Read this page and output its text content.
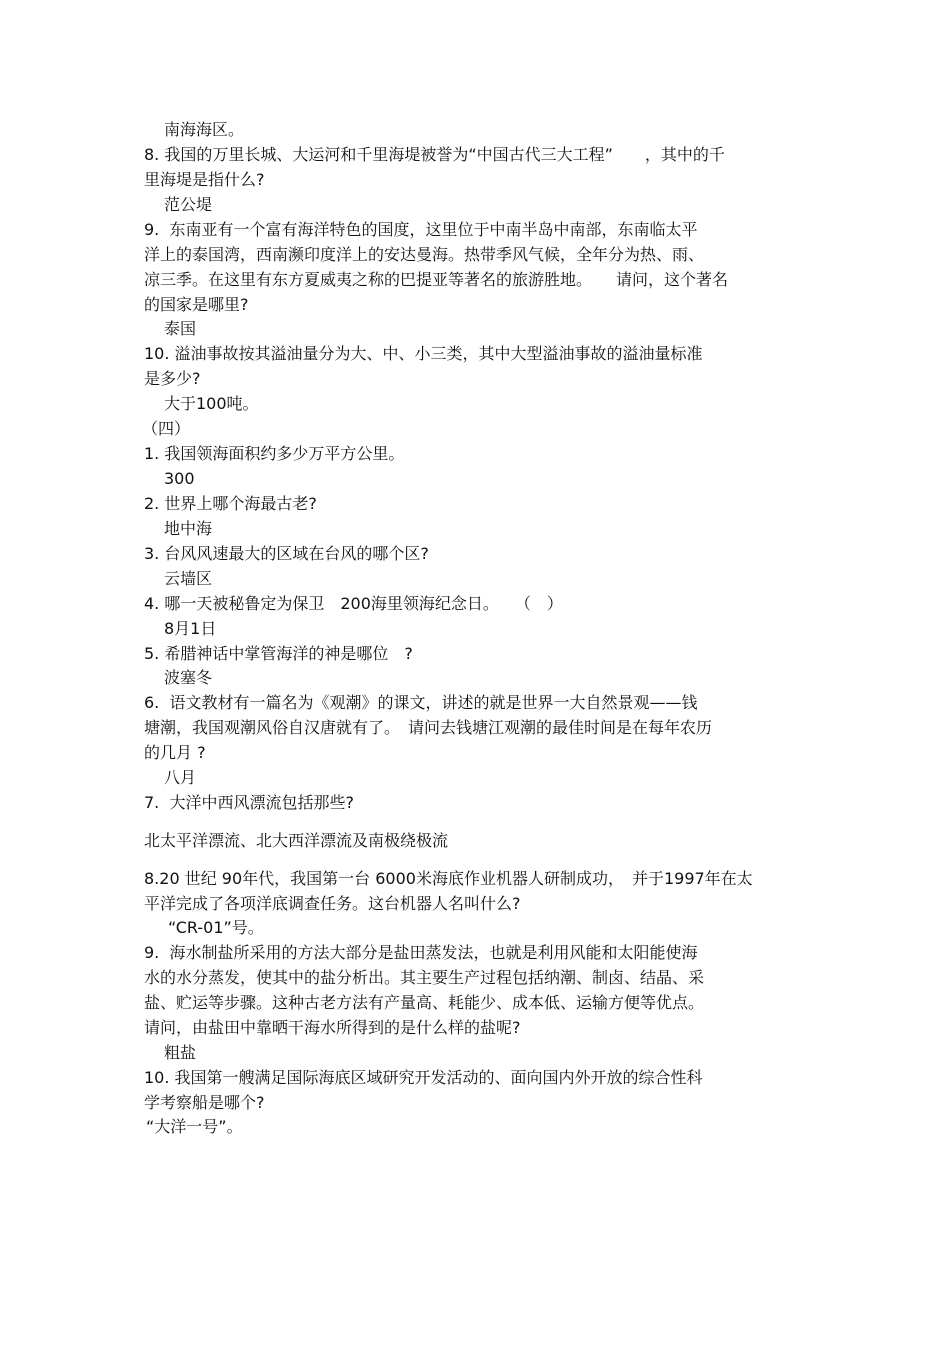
南海海区。
8. 我国的万里长城、大运河和千里海堤被誉为“中国古代三大工程”　　，其中的千
里海堤是指什么?
范公堤
9.  东南亚有一个富有海洋特色的国度，这里位于中南半岛中南部，东南临太平
洋上的泰国湾，西南濒印度洋上的安达曼海。热带季风气候，全年分为热、雨、
凉三季。在这里有东方夏威夷之称的巴提亚等著名的旅游胜地。　　请问，这个著名
的国家是哪里?
泰国
10. 溢油事故按其溢油量分为大、中、小三类，其中大型溢油事故的溢油量标准
是多少?
大于100吨。
（四）
1. 我国领海面积约多少万平方公里。
300
2. 世界上哪个海最古老?
地中海
3. 台风风速最大的区域在台风的哪个区?
云墙区
4. 哪一天被秘鲁定为保卫　200海里领海纪念日。　　（　）
8月1日
5. 希腊神话中掌管海洋的神是哪位　?
波塞冬
6.  语文教材有一篇名为《观潮》的课文，讲述的就是世界一大自然景观——钱
塘潮，我国观潮风俗自汉唐就有了。　请问去钱塘江观潮的最佳时间是在每年农历
的几月 ?
八月
7.  大洋中西风漂流包括那些?
北太平洋漂流、北大西洋漂流及南极绕极流
8.20 世纪 90年代，我国第一台 6000米海底作业机器人研制成功，　并于1997年在太
平洋完成了各项洋底调查任务。这台机器人名叫什么?
“CR-01”号。
9.  海水制盐所采用的方法大部分是盐田蒸发法，也就是利用风能和太阳能使海
水的水分蒸发，使其中的盐分析出。其主要生产过程包括纳潮、制卤、结晶、采
盐、贮运等步骤。这种古老方法有产量高、耗能少、成本低、运输方便等优点。
请问，由盐田中靠晒干海水所得到的是什么样的盐呢?
粗盐
10. 我国第一艘满足国际海底区域研究开发活动的、面向国内外开放的综合性科
学考察船是哪个?
“大洋一号”。
